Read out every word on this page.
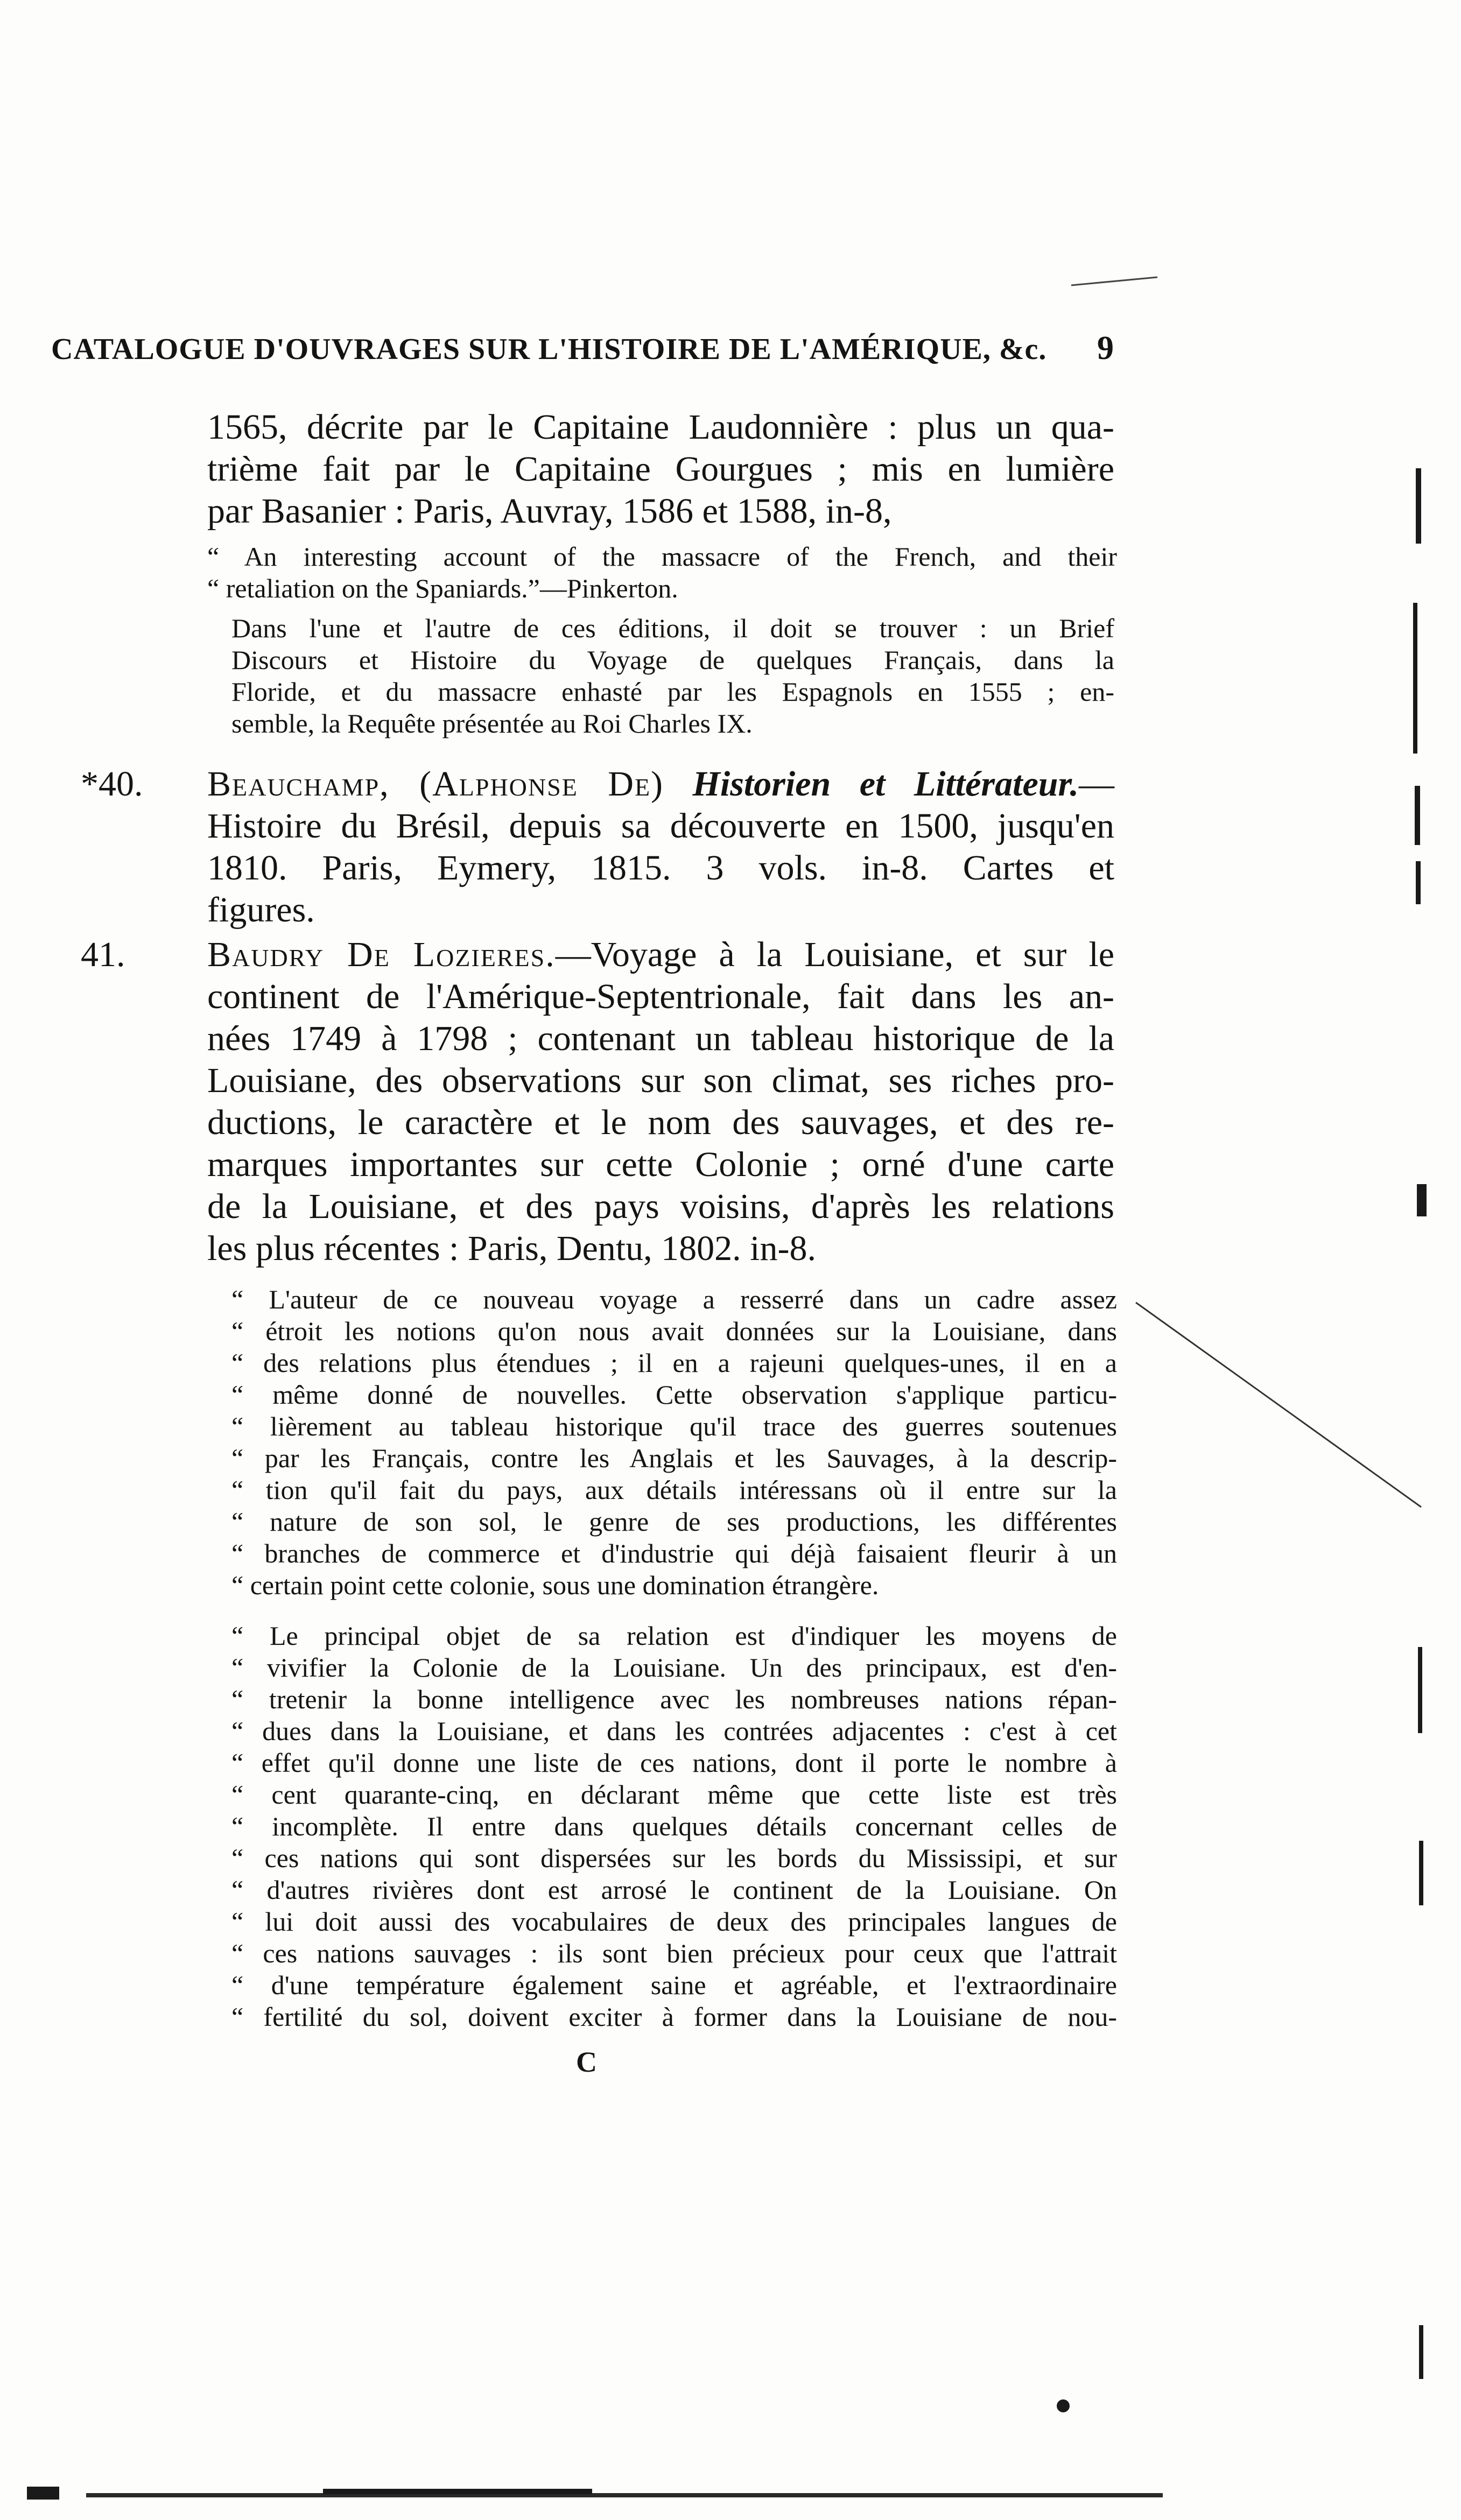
CATALOGUE D'OUVRAGES SUR L'HISTOIRE DE L'AMÉRIQUE, &c. 9
1565, décrite par le Capitaine Laudonnière : plus un qua-
trième fait par le Capitaine Gourgues ; mis en lumière
par Basanier : Paris, Auvray, 1586 et 1588, in-8,
“ An interesting account of the massacre of the French, and their
“ retaliation on the Spaniards.”—Pinkerton.
Dans l'une et l'autre de ces éditions, il doit se trouver : un Brief
Discours et Histoire du Voyage de quelques Français, dans la
Floride, et du massacre enhasté par les Espagnols en 1555 ; en-
semble, la Requête présentée au Roi Charles IX.
*40.	Beauchamp, (Alphonse De) Historien et Littérateur.—
Histoire du Brésil, depuis sa découverte en 1500, jusqu'en
1810. Paris, Eymery, 1815. 3 vols. in-8. Cartes et
figures.
41.	Baudry De Lozieres.—Voyage à la Louisiane, et sur le
continent de l'Amérique-Septentrionale, fait dans les an-
nées 1749 à 1798 ; contenant un tableau historique de la
Louisiane, des observations sur son climat, ses riches pro-
ductions, le caractère et le nom des sauvages, et des re-
marques importantes sur cette Colonie ; orné d'une carte
de la Louisiane, et des pays voisins, d'après les relations
les plus récentes : Paris, Dentu, 1802. in-8.
“ L'auteur de ce nouveau voyage a resserré dans un cadre assez
“ étroit les notions qu'on nous avait données sur la Louisiane, dans
“ des relations plus étendues ; il en a rajeuni quelques-unes, il en a
“ même donné de nouvelles. Cette observation s'applique particu-
“ lièrement au tableau historique qu'il trace des guerres soutenues
“ par les Français, contre les Anglais et les Sauvages, à la descrip-
“ tion qu'il fait du pays, aux détails intéressans où il entre sur la
“ nature de son sol, le genre de ses productions, les différentes
“ branches de commerce et d'industrie qui déjà faisaient fleurir à un
“ certain point cette colonie, sous une domination étrangère.
“ Le principal objet de sa relation est d'indiquer les moyens de
“ vivifier la Colonie de la Louisiane. Un des principaux, est d'en-
“ tretenir la bonne intelligence avec les nombreuses nations répan-
“ dues dans la Louisiane, et dans les contrées adjacentes : c'est à cet
“ effet qu'il donne une liste de ces nations, dont il porte le nombre à
“ cent quarante-cinq, en déclarant même que cette liste est très
“ incomplète. Il entre dans quelques détails concernant celles de
“ ces nations qui sont dispersées sur les bords du Mississipi, et sur
“ d'autres rivières dont est arrosé le continent de la Louisiane. On
“ lui doit aussi des vocabulaires de deux des principales langues de
“ ces nations sauvages : ils sont bien précieux pour ceux que l'attrait
“ d'une température également saine et agréable, et l'extraordinaire
“ fertilité du sol, doivent exciter à former dans la Louisiane de nou-
C
